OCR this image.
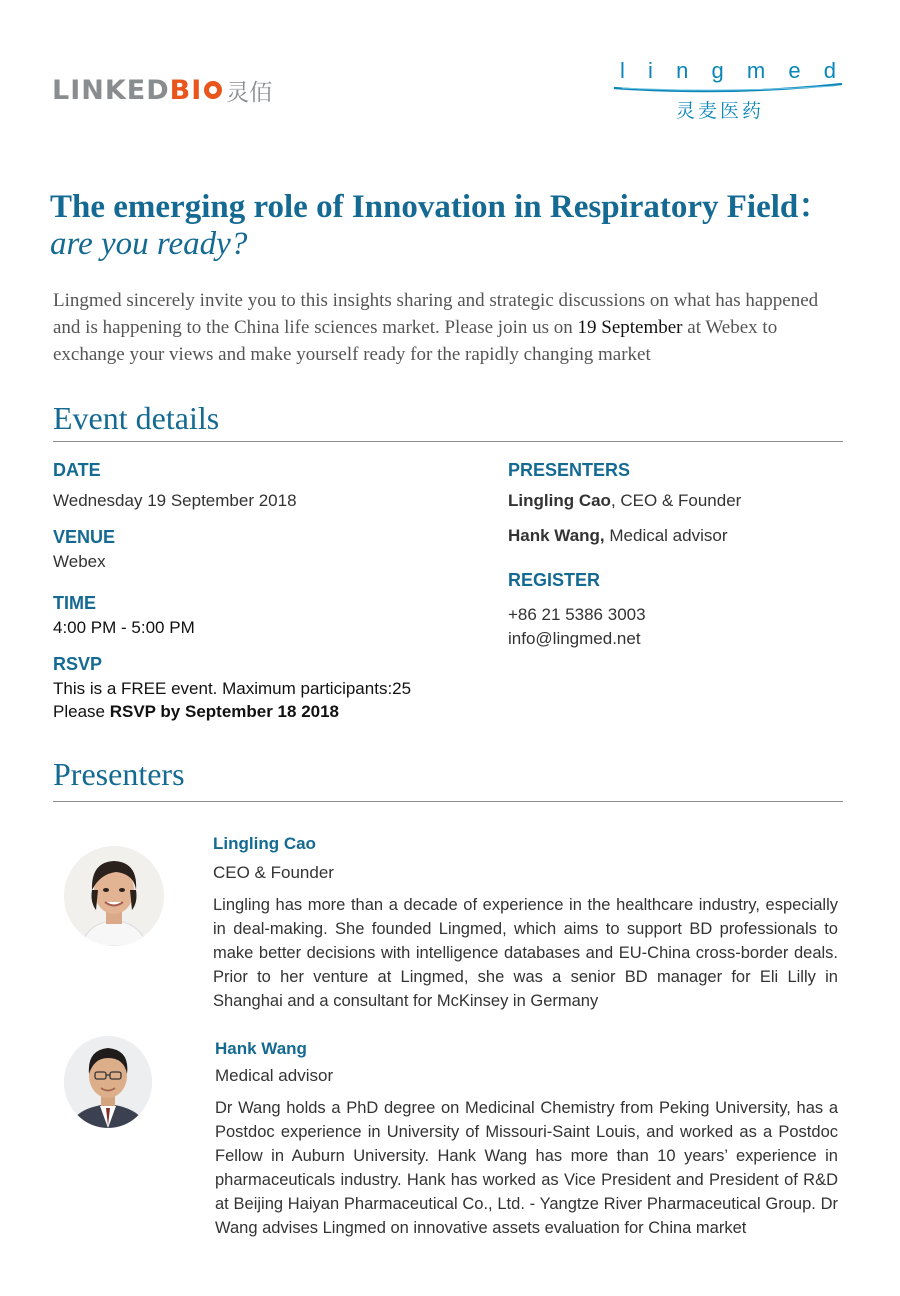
LINKED BI 灵佰
l i n g m e d
灵麦医药
The emerging role of Innovation in Respiratory Field：
are you ready?
Lingmed sincerely invite you to this insights sharing and strategic discussions on what has happened and is happening to the China life sciences market. Please join us on 19 September at Webex to exchange your views and make yourself ready for the rapidly changing market
Event details
DATE
Wednesday 19 September 2018
VENUE
Webex
TIME
4:00 PM - 5:00 PM
RSVP
This is a FREE event. Maximum participants:25
Please RSVP by September 18 2018
PRESENTERS
Lingling Cao, CEO & Founder
Hank Wang, Medical advisor
REGISTER
+86 21 5386 3003
info@lingmed.net
Presenters
Lingling Cao
CEO & Founder
Lingling has more than a decade of experience in the healthcare industry, especially in deal-making. She founded Lingmed, which aims to support BD professionals to make better decisions with intelligence databases and EU-China cross-border deals. Prior to her venture at Lingmed, she was a senior BD manager for Eli Lilly in Shanghai and a consultant for McKinsey in Germany
Hank Wang
Medical advisor
Dr Wang holds a PhD degree on Medicinal Chemistry from Peking University, has a Postdoc experience in University of Missouri-Saint Louis, and worked as a Postdoc Fellow in Auburn University. Hank Wang has more than 10 years’ experience in pharmaceuticals industry. Hank has worked as Vice President and President of R&D at Beijing Haiyan Pharmaceutical Co., Ltd. - Yangtze River Pharmaceutical Group. Dr Wang advises Lingmed on innovative assets evaluation for China market
